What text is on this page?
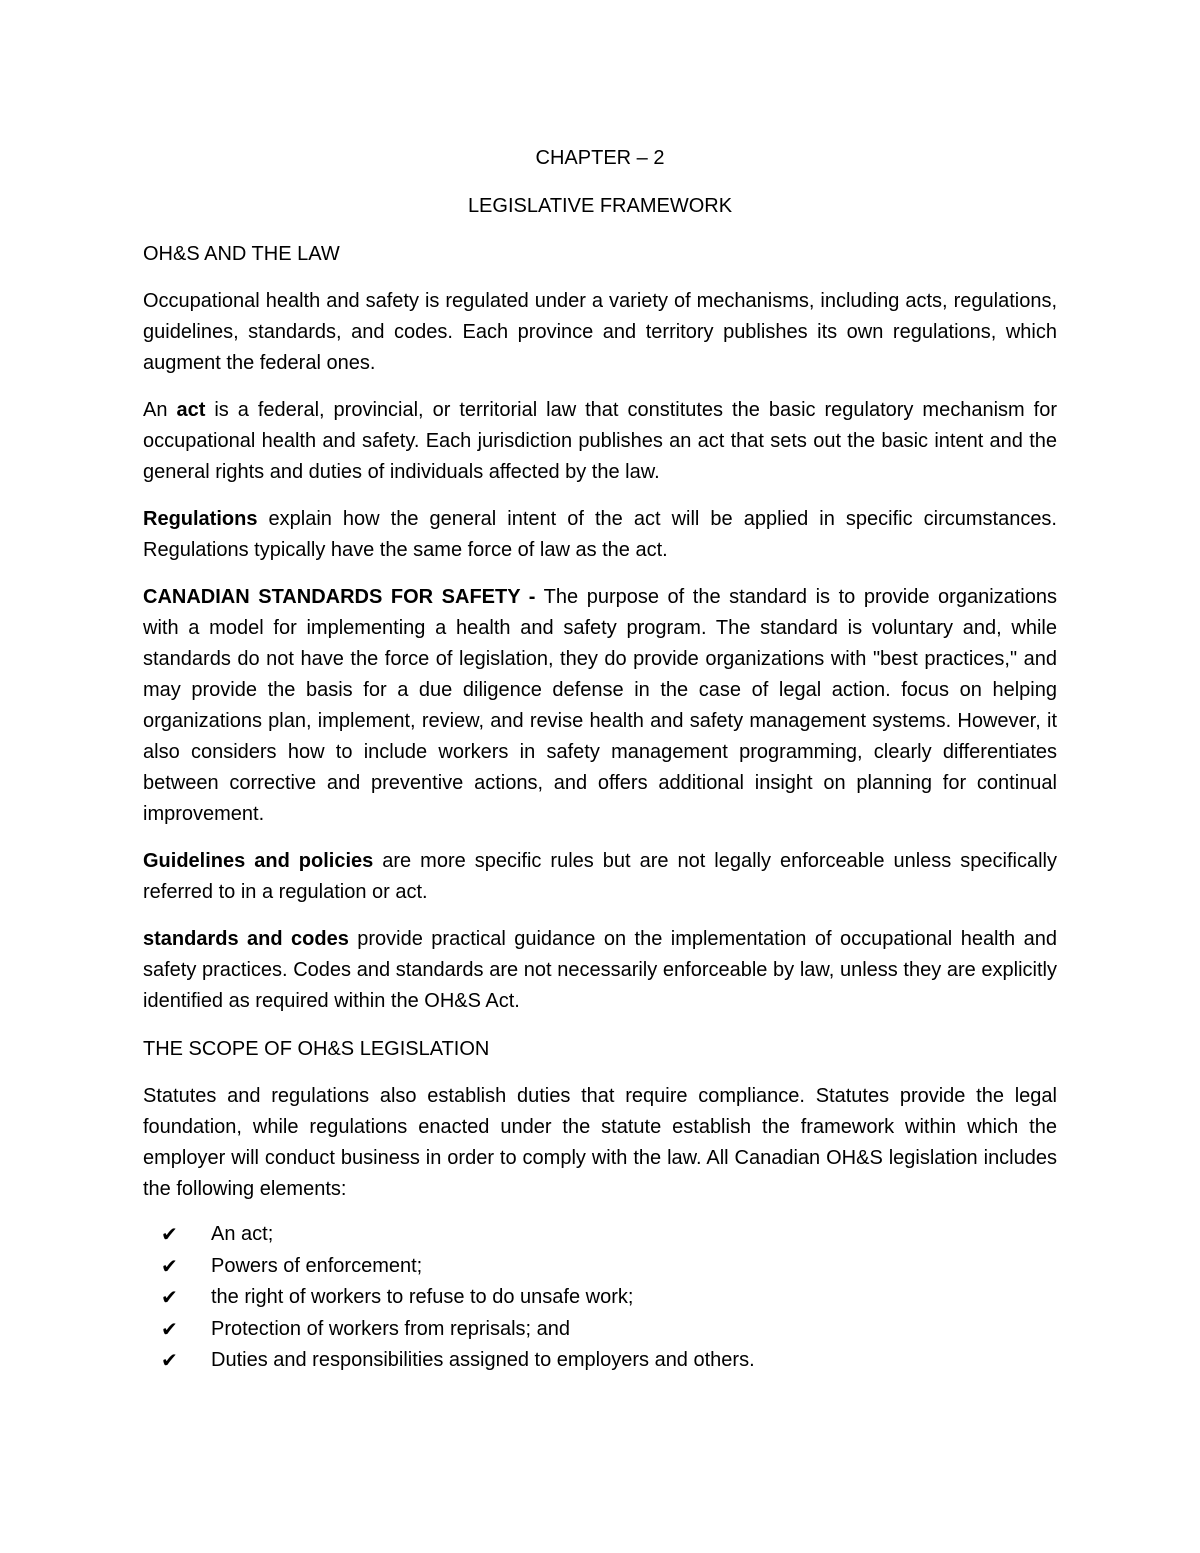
CHAPTER – 2

LEGISLATIVE FRAMEWORK

OH&S AND THE LAW

Occupational health and safety is regulated under a variety of mechanisms, including acts, regulations, guidelines, standards, and codes. Each province and territory publishes its own regulations, which augment the federal ones.

An act is a federal, provincial, or territorial law that constitutes the basic regulatory mechanism for occupational health and safety. Each jurisdiction publishes an act that sets out the basic intent and the general rights and duties of individuals affected by the law.

Regulations explain how the general intent of the act will be applied in specific circumstances. Regulations typically have the same force of law as the act.

CANADIAN STANDARDS FOR SAFETY - The purpose of the standard is to provide organizations with a model for implementing a health and safety program. The standard is voluntary and, while standards do not have the force of legislation, they do provide organizations with "best practices," and may provide the basis for a due diligence defense in the case of legal action. focus on helping organizations plan, implement, review, and revise health and safety management systems. However, it also considers how to include workers in safety management programming, clearly differentiates between corrective and preventive actions, and offers additional insight on planning for continual improvement.

Guidelines and policies are more specific rules but are not legally enforceable unless specifically referred to in a regulation or act.

standards and codes provide practical guidance on the implementation of occupational health and safety practices. Codes and standards are not necessarily enforceable by law, unless they are explicitly identified as required within the OH&S Act.

THE SCOPE OF OH&S LEGISLATION

Statutes and regulations also establish duties that require compliance. Statutes provide the legal foundation, while regulations enacted under the statute establish the framework within which the employer will conduct business in order to comply with the law. All Canadian OH&S legislation includes the following elements:

✔ An act;
✔ Powers of enforcement;
✔ the right of workers to refuse to do unsafe work;
✔ Protection of workers from reprisals; and
✔ Duties and responsibilities assigned to employers and others.
